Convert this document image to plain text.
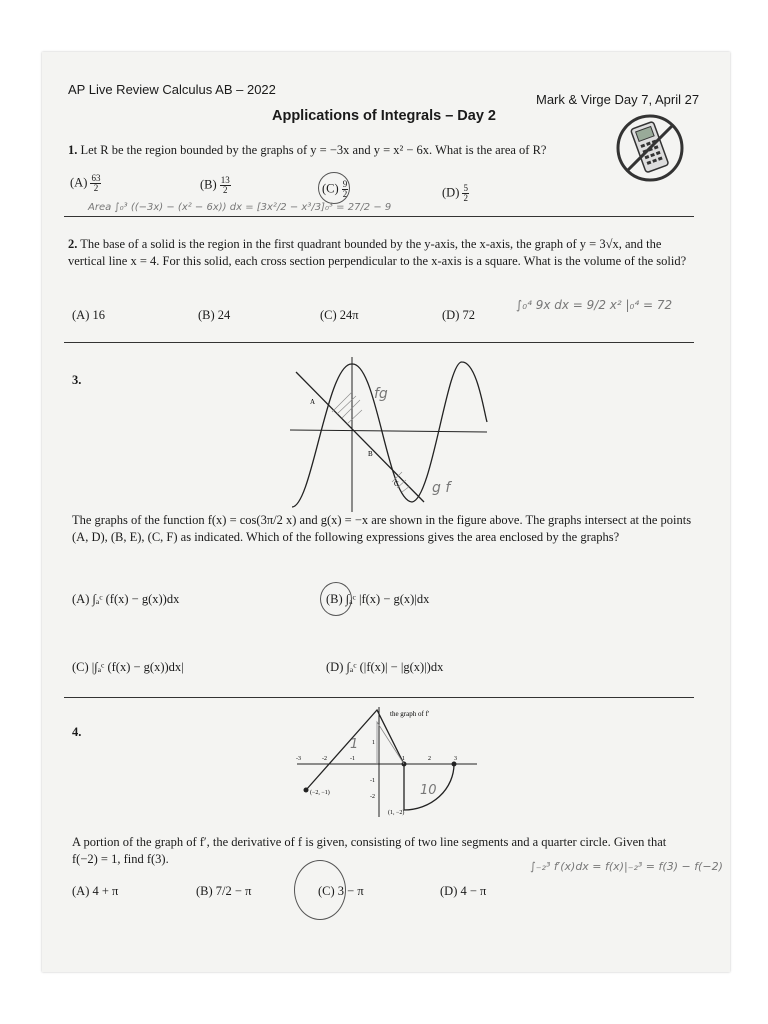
AP Live Review Calculus AB – 2022
Mark & Virge Day 7, April 27
Applications of Integrals – Day 2
1. Let R be the region bounded by the graphs of y = −3x and y = x² − 6x. What is the area of R?
$(A) \frac{63}{2}$	$(B) \frac{13}{2}$	$(C) \frac{9}{2}$	$(D) \frac{5}{2}$
Area ∫₀³ ((−3x) − (x² − 6x)) dx = [3x²/2 − x³/3]₀³ = 27/2 − 9
2. The base of a solid is the region in the first quadrant bounded by the y-axis, the x-axis, the graph of y = 3√x, and the vertical line x = 4. For this solid, each cross section perpendicular to the x-axis is a square. What is the volume of the solid?
(A) 16	(B) 24	(C) 24π	(D) 72
∫₀⁴ 9x dx = 9/2 x² |₀⁴ = 72
3.
A
B
C
fg
g f
The graphs of the function f(x) = cos(3π/2 x) and g(x) = −x are shown in the figure above. The graphs intersect at the points (A, D), (B, E), (C, F) as indicated. Which of the following expressions gives the area enclosed by the graphs?
(A) ∫ₐᶜ (f(x) − g(x))dx	(B) ∫ₐᶜ |f(x) − g(x)|dx
(C) |∫ₐᶜ (f(x) − g(x))dx|	(D) ∫ₐᶜ (|f(x)| − |g(x)|)dx
4.
1
10
the graph of f′
-3	-2	-1	1	2	3
1
-1
-2
(−2, −1)
(1, −2)
A portion of the graph of f′, the derivative of f is given, consisting of two line segments and a quarter circle. Given that f(−2) = 1, find f(3).
∫₋₂³ f′(x)dx = f(x)|₋₂³ = f(3) − f(−2)
(A) 4 + π	(B) 7/2 − π	(C) 3 − π	(D) 4 − π
